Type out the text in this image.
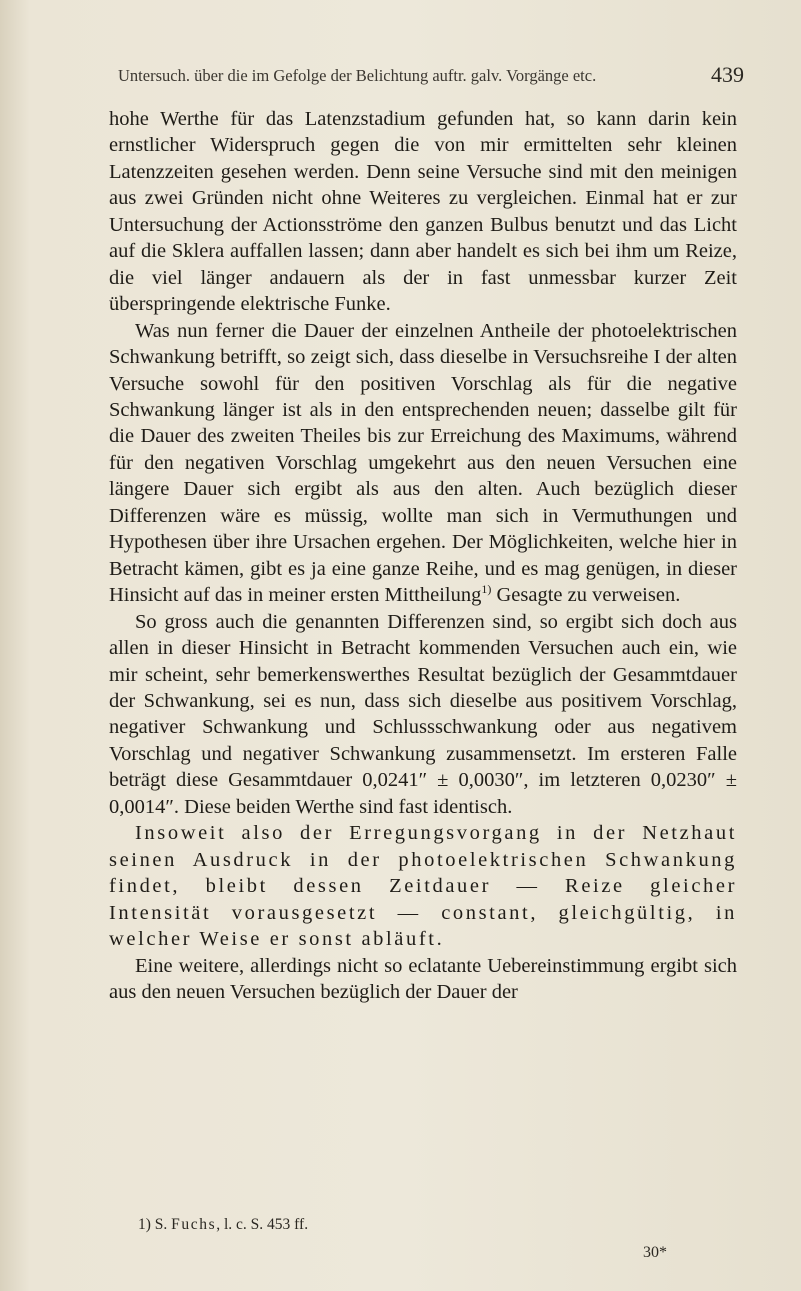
Untersuch. über die im Gefolge der Belichtung auftr. galv. Vorgänge etc.	439

hohe Werthe für das Latenzstadium gefunden hat, so kann darin kein ernstlicher Widerspruch gegen die von mir ermittelten sehr kleinen Latenzzeiten gesehen werden. Denn seine Versuche sind mit den meinigen aus zwei Gründen nicht ohne Weiteres zu vergleichen. Einmal hat er zur Untersuchung der Actionsströme den ganzen Bulbus benutzt und das Licht auf die Sklera auffallen lassen; dann aber handelt es sich bei ihm um Reize, die viel länger andauern als der in fast unmessbar kurzer Zeit überspringende elektrische Funke.

Was nun ferner die Dauer der einzelnen Antheile der photoelektrischen Schwankung betrifft, so zeigt sich, dass dieselbe in Versuchsreihe I der alten Versuche sowohl für den positiven Vorschlag als für die negative Schwankung länger ist als in den entsprechenden neuen; dasselbe gilt für die Dauer des zweiten Theiles bis zur Erreichung des Maximums, während für den negativen Vorschlag umgekehrt aus den neuen Versuchen eine längere Dauer sich ergibt als aus den alten. Auch bezüglich dieser Differenzen wäre es müssig, wollte man sich in Vermuthungen und Hypothesen über ihre Ursachen ergehen. Der Möglichkeiten, welche hier in Betracht kämen, gibt es ja eine ganze Reihe, und es mag genügen, in dieser Hinsicht auf das in meiner ersten Mittheilung$^{1)}$ Gesagte zu verweisen.

So gross auch die genannten Differenzen sind, so ergibt sich doch aus allen in dieser Hinsicht in Betracht kommenden Versuchen auch ein, wie mir scheint, sehr bemerkenswerthes Resultat bezüglich der Gesammtdauer der Schwankung, sei es nun, dass sich dieselbe aus positivem Vorschlag, negativer Schwankung und Schlussschwankung oder aus negativem Vorschlag und negativer Schwankung zusammensetzt. Im ersteren Falle beträgt diese Gesammtdauer 0,0241″ ± 0,0030″, im letzteren 0,0230″ ± 0,0014″. Diese beiden Werthe sind fast identisch.

Insoweit also der Erregungsvorgang in der Netzhaut seinen Ausdruck in der photoelektrischen Schwankung findet, bleibt dessen Zeitdauer — Reize gleicher Intensität vorausgesetzt — constant, gleichgültig, in welcher Weise er sonst abläuft.

Eine weitere, allerdings nicht so eclatante Uebereinstimmung ergibt sich aus den neuen Versuchen bezüglich der Dauer der

1) S. Fuchs, l. c. S. 453 ff.
30*
